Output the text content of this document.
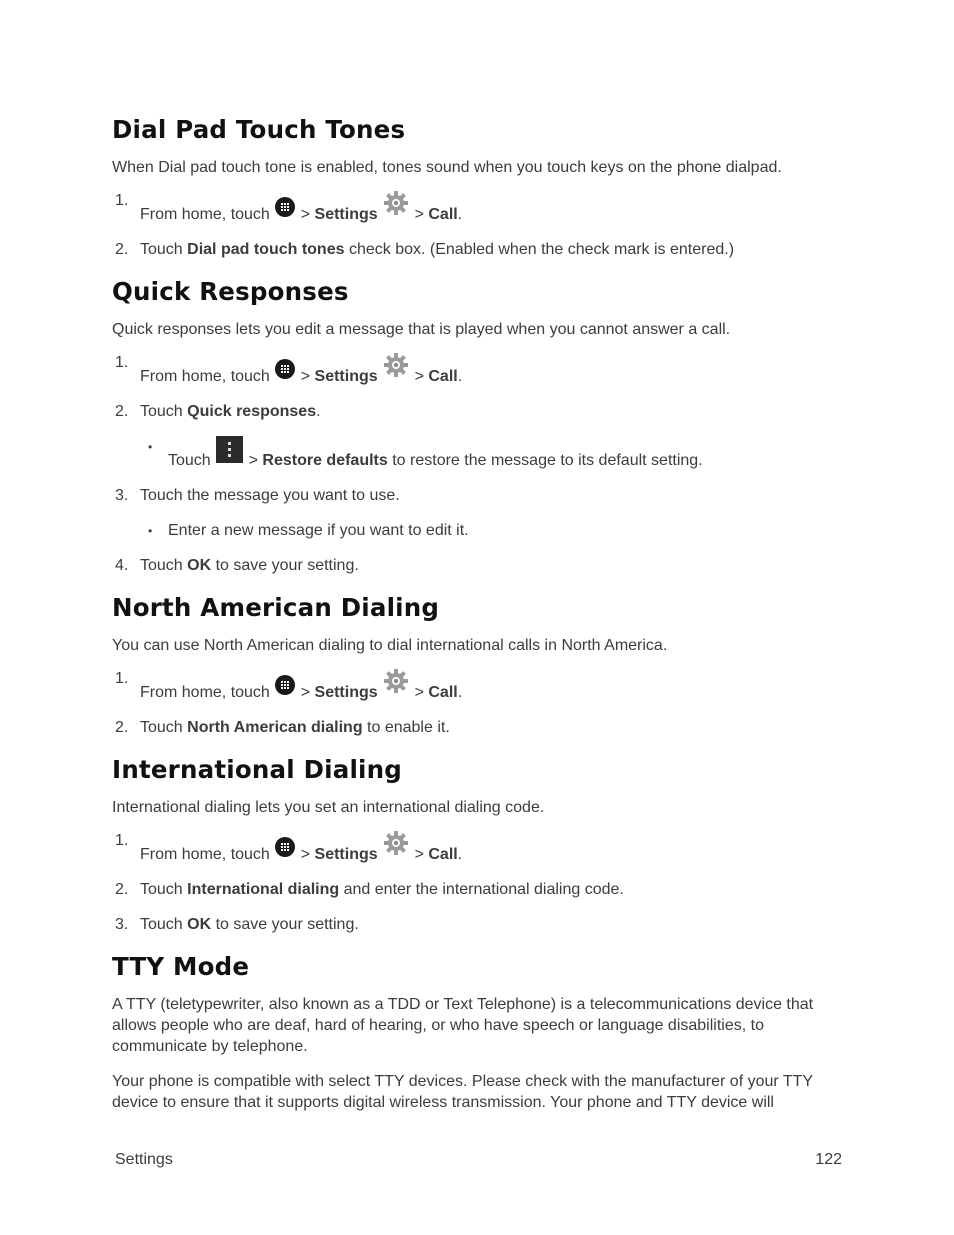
Dial Pad Touch Tones

When Dial pad touch tone is enabled, tones sound when you touch keys on the phone dialpad.

1.
From home, touch > Settings > Call.
2. Touch Dial pad touch tones check box. (Enabled when the check mark is entered.)
Quick Responses

Quick responses lets you edit a message that is played when you cannot answer a call.

1.
From home, touch > Settings > Call.
2. Touch Quick responses.
• Touch > Restore defaults to restore the message to its default setting.
3. Touch the message you want to use.
• Enter a new message if you want to edit it.
4. Touch OK to save your setting.
North American Dialing

You can use North American dialing to dial international calls in North America.

1.
From home, touch > Settings > Call.
2. Touch North American dialing to enable it.
International Dialing

International dialing lets you set an international dialing code.

1.
From home, touch > Settings > Call.
2. Touch International dialing and enter the international dialing code.
3. Touch OK to save your setting.
TTY Mode

A TTY (teletypewriter, also known as a TDD or Text Telephone) is a telecommunications device that allows people who are deaf, hard of hearing, or who have speech or language disabilities, to communicate by telephone.

Your phone is compatible with select TTY devices. Please check with the manufacturer of your TTY device to ensure that it supports digital wireless transmission. Your phone and TTY device will

Settings	122
